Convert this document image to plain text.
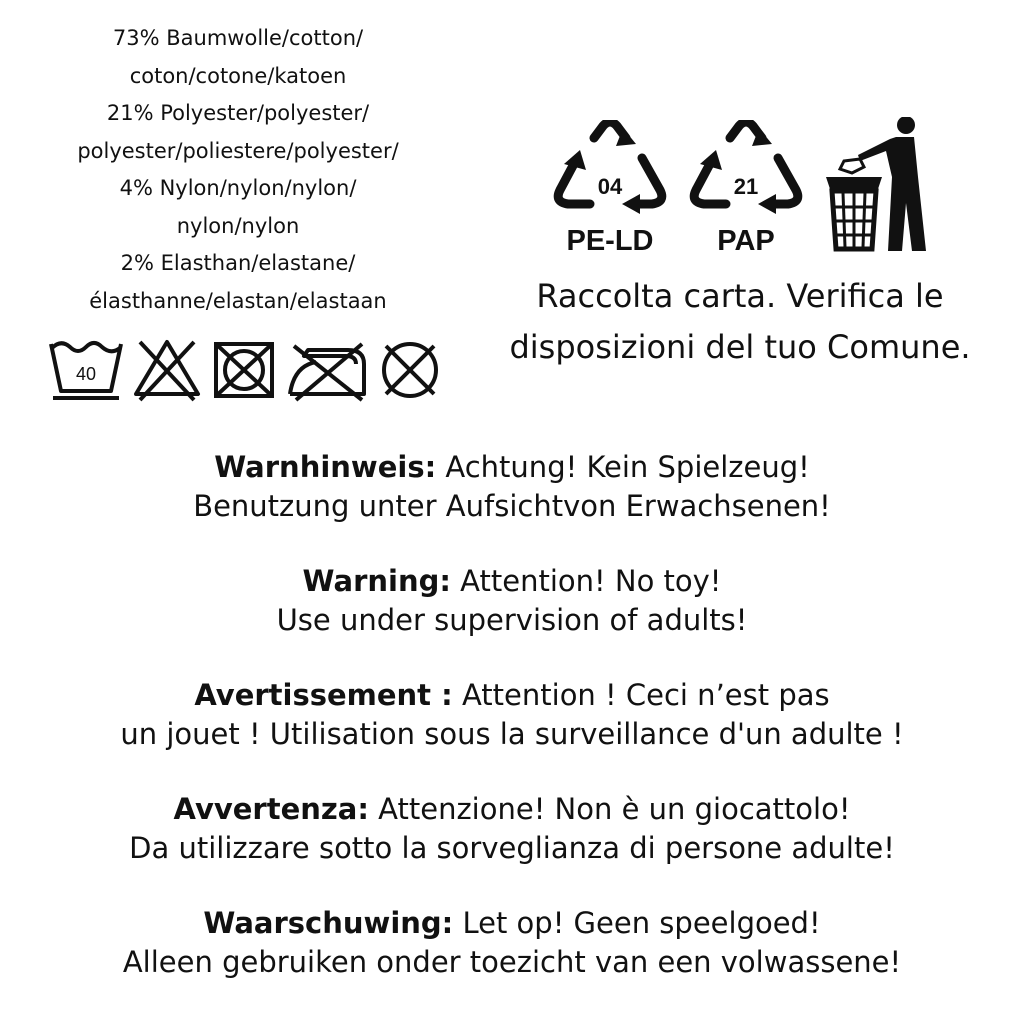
73% Baumwolle/cotton/
coton/cotone/katoen
21% Polyester/polyester/
polyester/poliestere/polyester/
4% Nylon/nylon/nylon/
nylon/nylon
2% Elasthan/elastane/
élasthanne/elastan/elastaan
40
04
PE-LD
21
PAP
Raccolta carta. Verifica le
disposizioni del tuo Comune.
Warnhinweis: Achtung! Kein Spielzeug!
Benutzung unter Aufsichtvon Erwachsenen!
Warning: Attention! No toy!
Use under supervision of adults!
Avertissement : Attention ! Ceci n’est pas
un jouet ! Utilisation sous la surveillance d'un adulte !
Avvertenza: Attenzione! Non è un giocattolo!
Da utilizzare sotto la sorveglianza di persone adulte!
Waarschuwing: Let op! Geen speelgoed!
Alleen gebruiken onder toezicht van een volwassene!
